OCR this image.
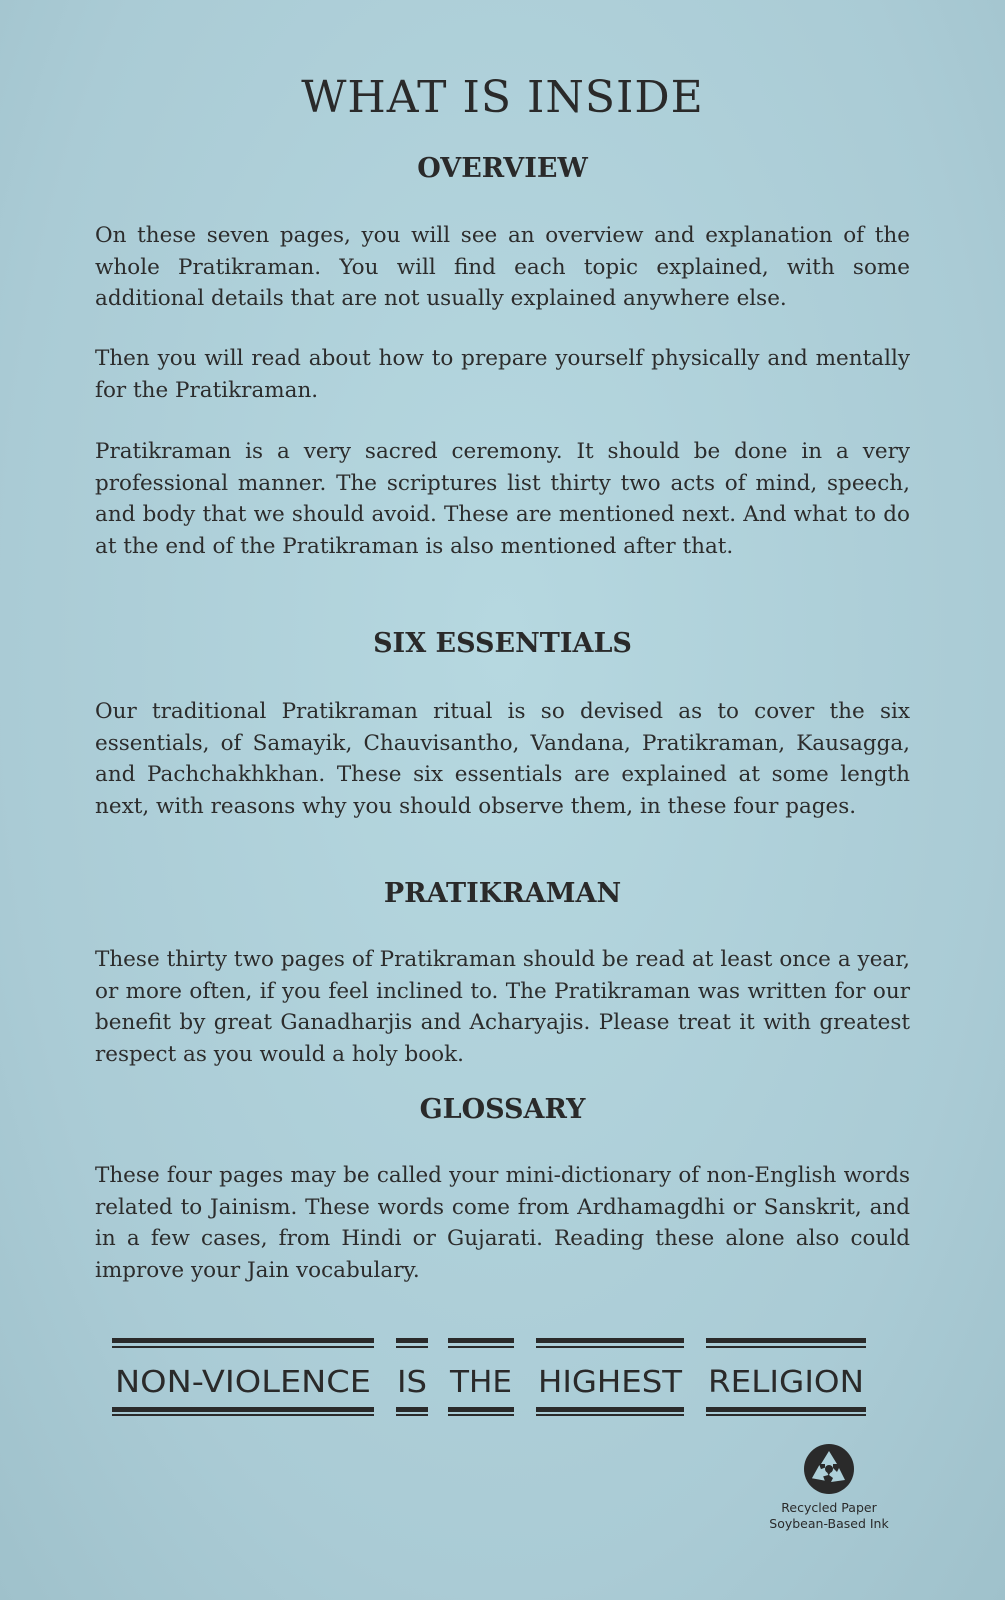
WHAT IS INSIDE
OVERVIEW

On these seven pages, you will see an overview and explanation of the whole Pratikraman. You will find each topic explained, with some additional details that are not usually explained anywhere else.

Then you will read about how to prepare yourself physically and mentally for the Pratikraman.

Pratikraman is a very sacred ceremony. It should be done in a very professional manner. The scriptures list thirty two acts of mind, speech, and body that we should avoid. These are mentioned next. And what to do at the end of the Pratikraman is also mentioned after that.

SIX ESSENTIALS

Our traditional Pratikraman ritual is so devised as to cover the six essentials, of Samayik, Chauvisantho, Vandana, Pratikraman, Kausagga, and Pachchakhkhan. These six essentials are explained at some length next, with reasons why you should observe them, in these four pages.

PRATIKRAMAN

These thirty two pages of Pratikraman should be read at least once a year, or more often, if you feel inclined to. The Pratikraman was written for our benefit by great Ganadharjis and Acharyajis. Please treat it with greatest respect as you would a holy book.

GLOSSARY

These four pages may be called your mini-dictionary of non-English words related to Jainism. These words come from Ardhamagdhi or Sanskrit, and in a few cases, from Hindi or Gujarati. Reading these alone also could improve your Jain vocabulary.

NON-VIOLENCE IS THE HIGHEST RELIGION
Recycled Paper
Soybean-Based Ink
